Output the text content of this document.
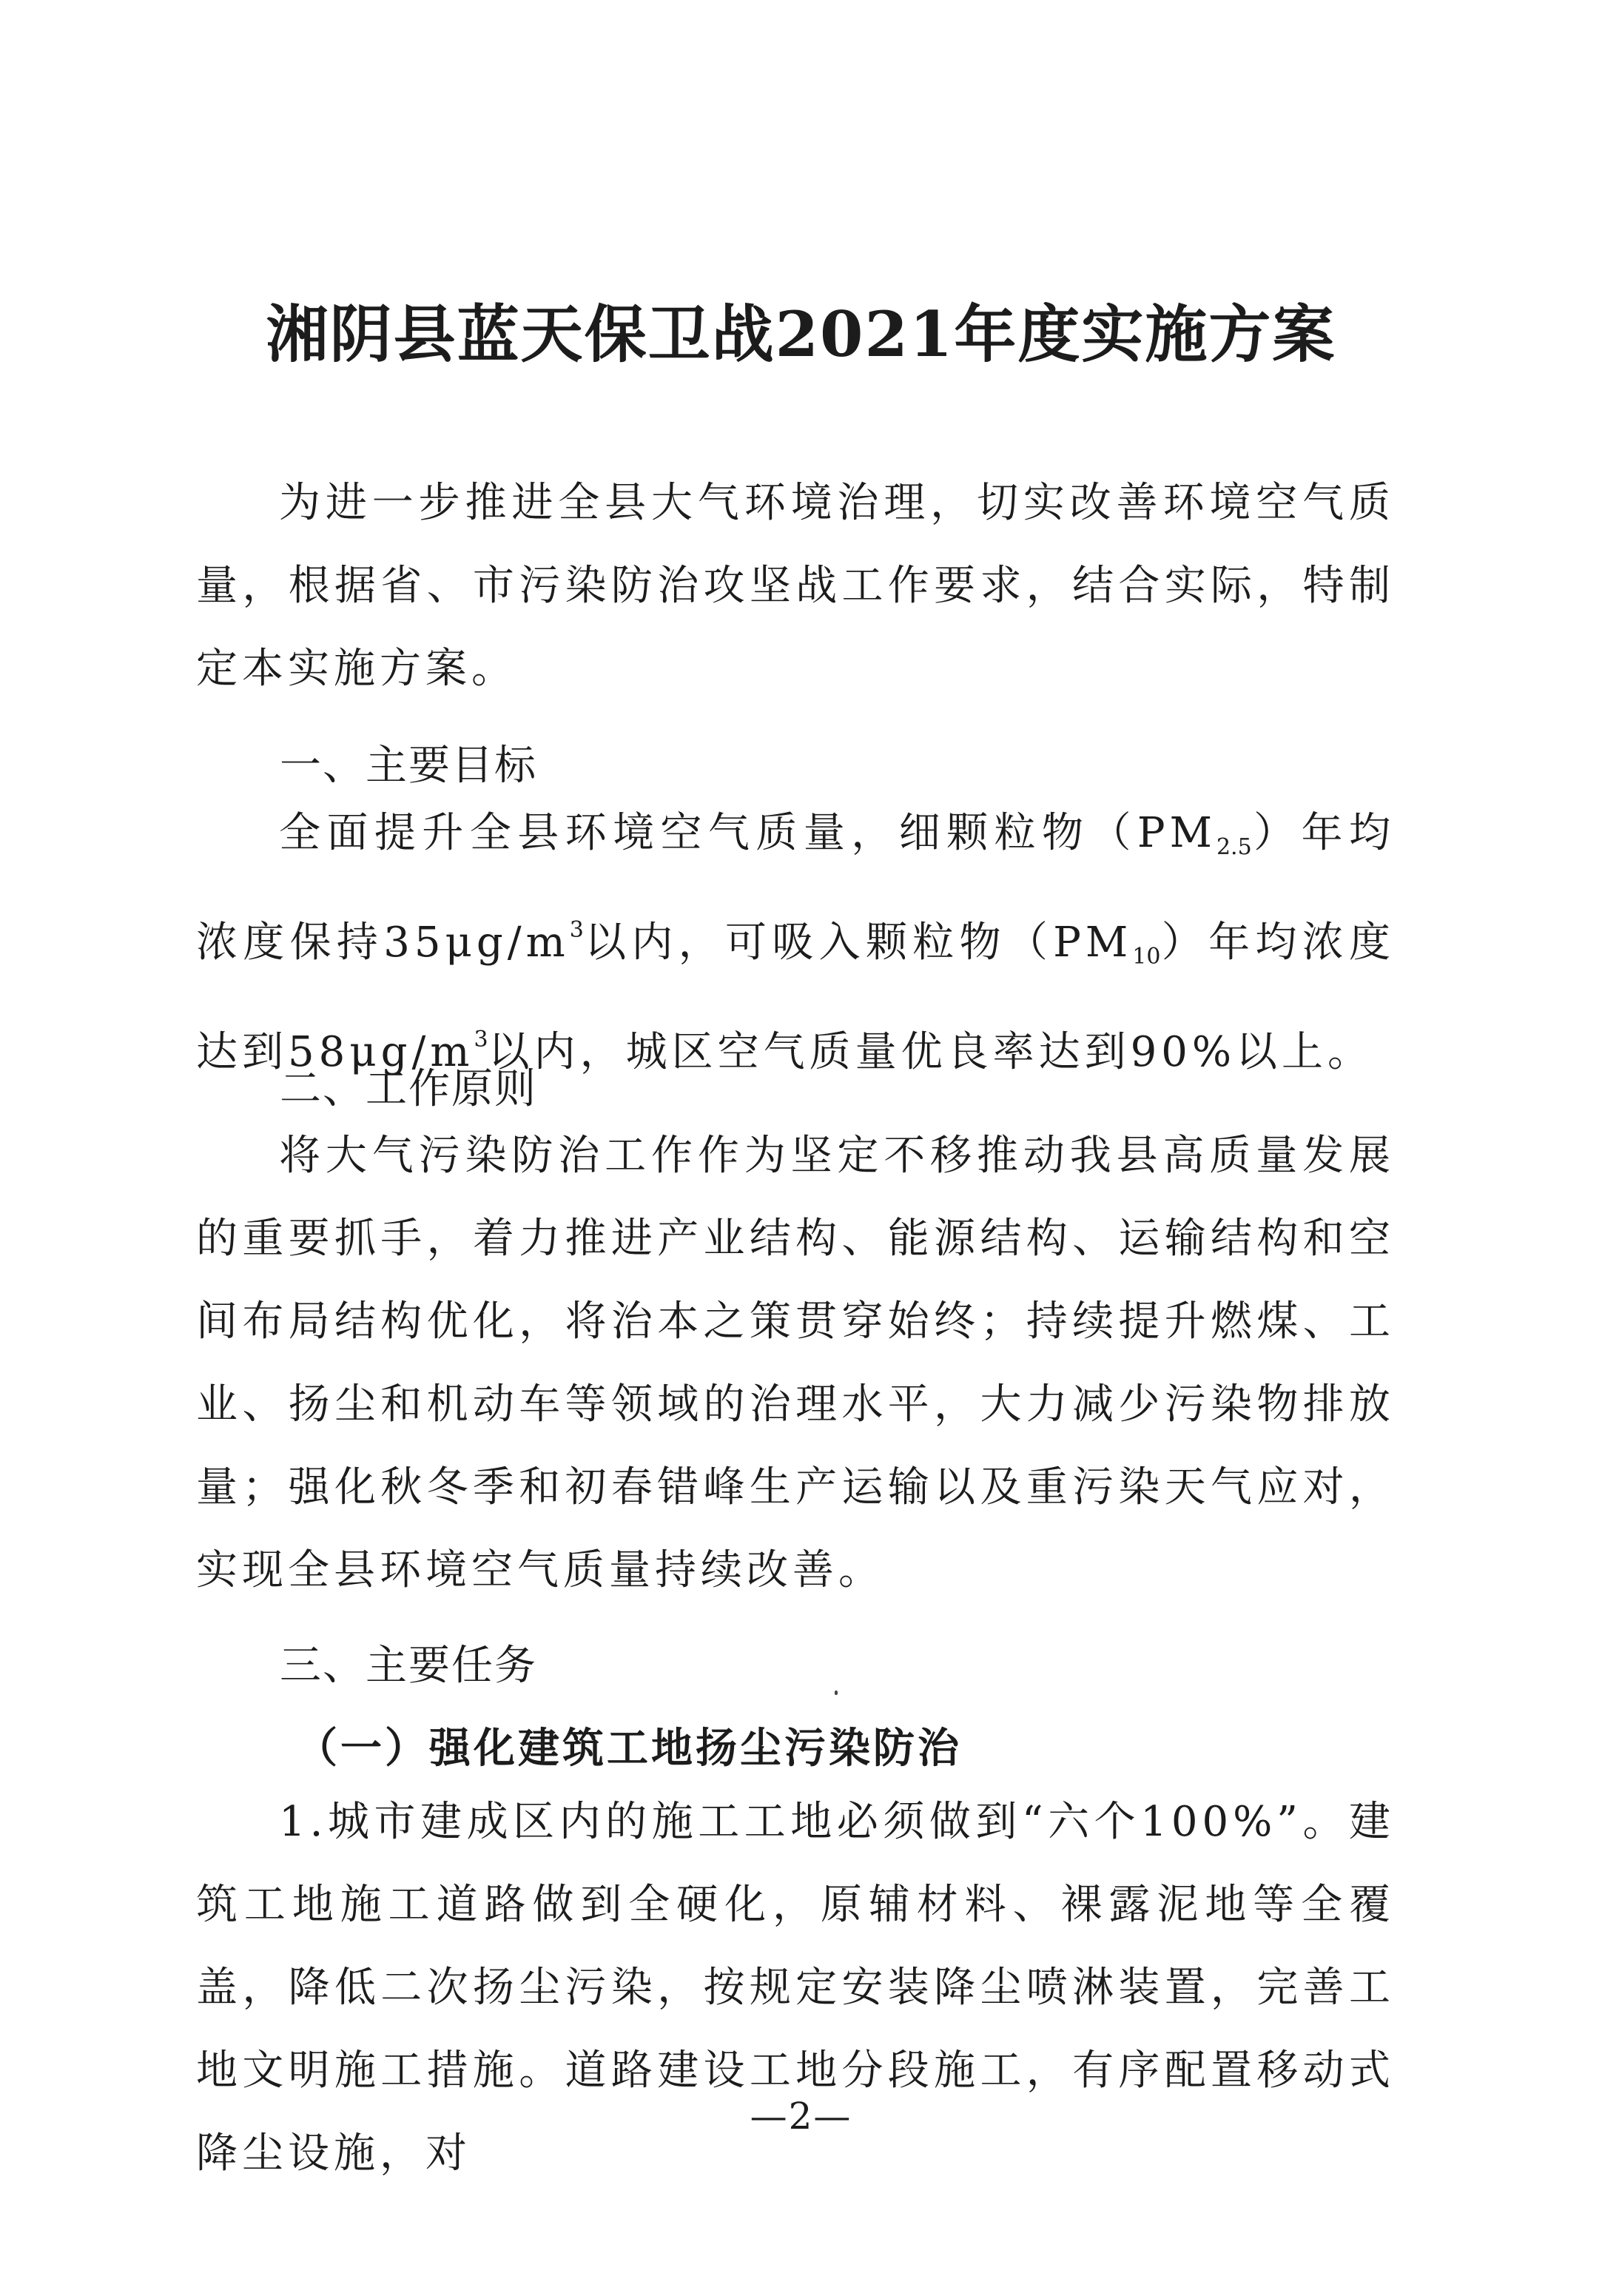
湘阴县蓝天保卫战2021年度实施方案

为进一步推进全县大气环境治理，切实改善环境空气质量，根据省、市污染防治攻坚战工作要求，结合实际，特制定本实施方案。

一、主要目标

全面提升全县环境空气质量，细颗粒物$(PM_{2.5})$年均浓度保持$35\mu g/m^3$以内，可吸入颗粒物$(PM_{10})$年均浓度达到$58\mu g/m^3$以内，城区空气质量优良率达到90%以上。

二、工作原则

将大气污染防治工作作为坚定不移推动我县高质量发展的重要抓手，着力推进产业结构、能源结构、运输结构和空间布局结构优化，将治本之策贯穿始终；持续提升燃煤、工业、扬尘和机动车等领域的治理水平，大力减少污染物排放量；强化秋冬季和初春错峰生产运输以及重污染天气应对，实现全县环境空气质量持续改善。

三、主要任务
（一）强化建筑工地扬尘污染防治

1.城市建成区内的施工工地必须做到“六个100%”。建筑工地施工道路做到全硬化，原辅材料、裸露泥地等全覆盖，降低二次扬尘污染，按规定安装降尘喷淋装置，完善工地文明施工措施。道路建设工地分段施工，有序配置移动式降尘设施，对

—2—
